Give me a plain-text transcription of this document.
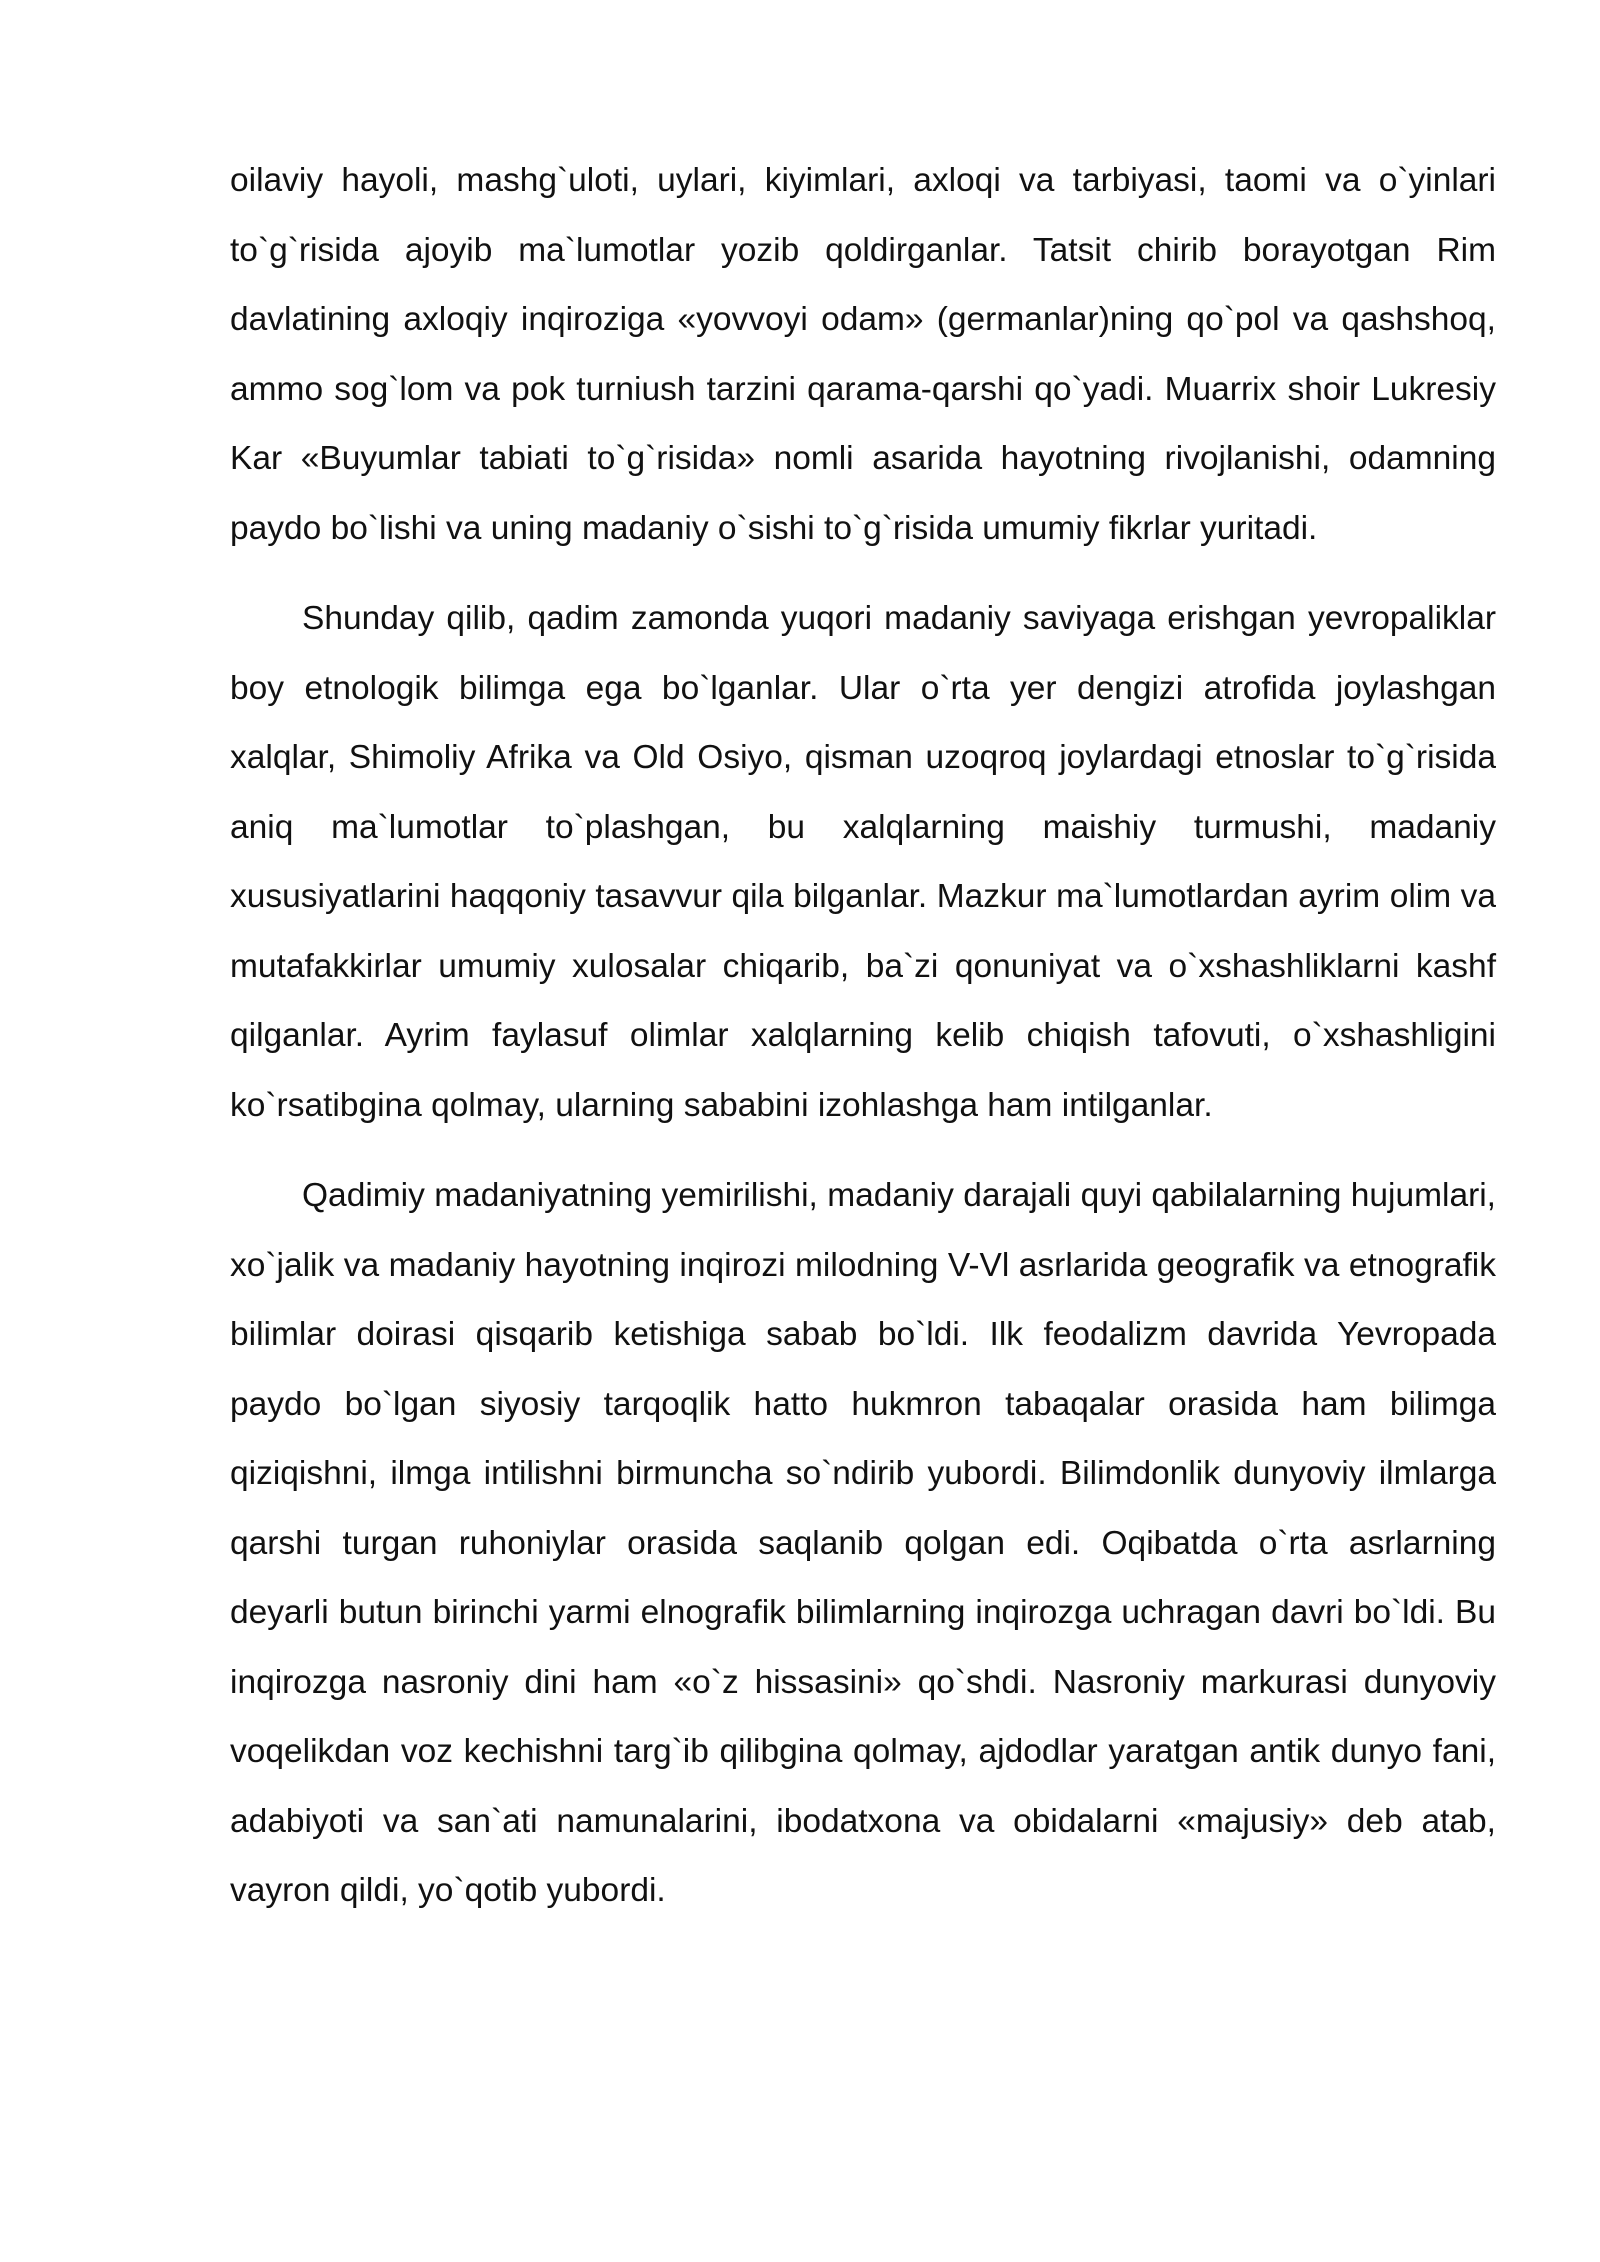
oilaviy hayoli, mashg`uloti, uylari, kiyimlari, axloqi va tarbiyasi, taomi va o`yinlari to`g`risida ajoyib ma`lumotlar yozib qoldirganlar. Tatsit chirib borayotgan Rim davlatining axloqiy inqiroziga «yovvoyi odam» (germanlar)ning qo`pol va qashshoq, ammo sog`lom va pok turniush tarzini qarama-qarshi qo`yadi. Muarrix shoir Lukresiy Kar «Buyumlar tabiati to`g`risida» nomli asarida hayotning rivojlanishi, odamning paydo bo`lishi va uning madaniy o`sishi to`g`risida umumiy fikrlar yuritadi.

Shunday qilib, qadim zamonda yuqori madaniy saviyaga erishgan yevropaliklar boy etnologik bilimga ega bo`lganlar. Ular o`rta yer dengizi atrofida joylashgan xalqlar, Shimoliy Afrika va Old Osiyo, qisman uzoqroq joylardagi etnoslar to`g`risida aniq ma`lumotlar to`plashgan, bu xalqlarning maishiy turmushi, madaniy xususiyatlarini haqqoniy tasavvur qila bilganlar. Mazkur ma`lumotlardan ayrim olim va mutafakkirlar umumiy xulosalar chiqarib, ba`zi qonuniyat va o`xshashliklarni kashf qilganlar. Ayrim faylasuf olimlar xalqlarning kelib chiqish tafovuti, o`xshashligini ko`rsatibgina qolmay, ularning sababini izohlashga ham intilganlar.

Qadimiy madaniyatning yemirilishi, madaniy darajali quyi qabilalarning hujumlari, xo`jalik va madaniy hayotning inqirozi milodning V-Vl asrlarida geografik va etnografik bilimlar doirasi qisqarib ketishiga sabab bo`ldi. Ilk feodalizm davrida Yevropada paydo bo`lgan siyosiy tarqoqlik hatto hukmron tabaqalar orasida ham bilimga qiziqishni, ilmga intilishni birmuncha so`ndirib yubordi. Bilimdonlik dunyoviy ilmlarga qarshi turgan ruhoniylar orasida saqlanib qolgan edi. Oqibatda o`rta asrlarning deyarli butun birinchi yarmi elnografik bilimlarning inqirozga uchragan davri bo`ldi. Bu inqirozga nasroniy dini ham «o`z hissasini» qo`shdi. Nasroniy markurasi dunyoviy voqelikdan voz kechishni targ`ib qilibgina qolmay, ajdodlar yaratgan antik dunyo fani, adabiyoti va san`ati namunalarini, ibodatxona va obidalarni «majusiy» deb atab, vayron qildi, yo`qotib yubordi.
